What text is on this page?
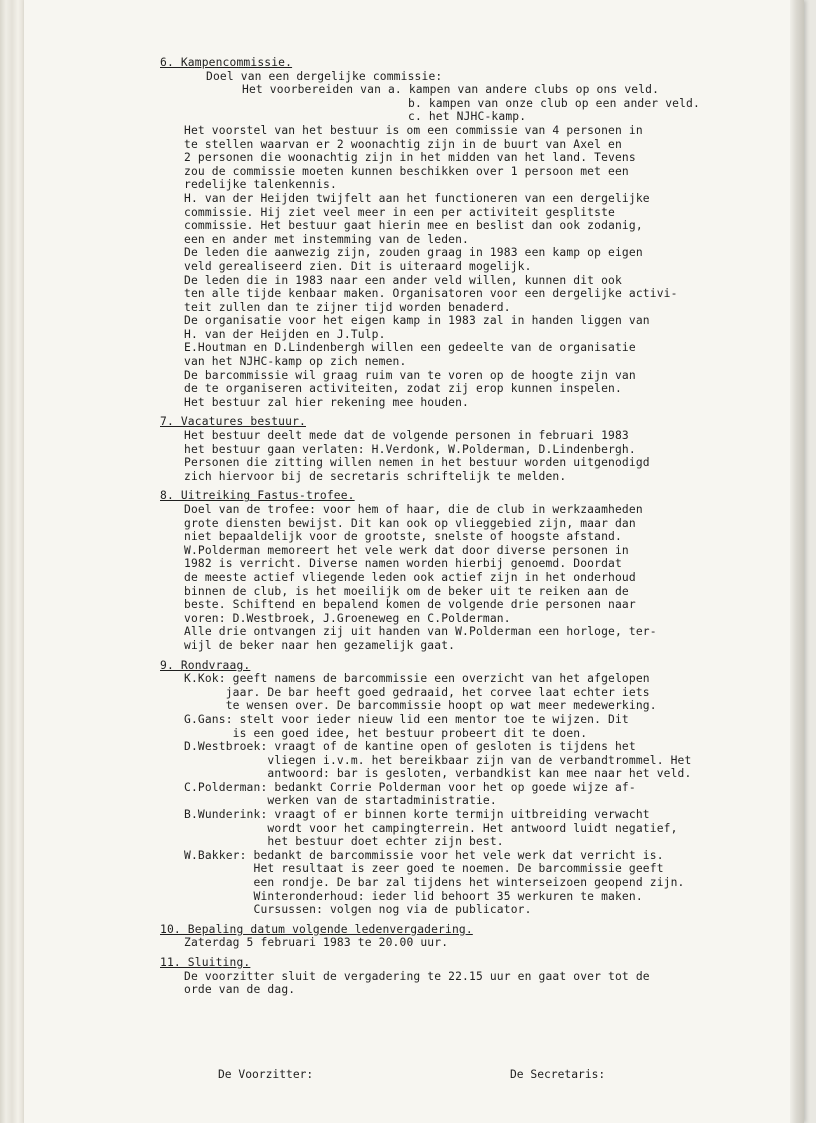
6. Kampencommissie.
Doel van een dergelijke commissie:
Het voorbereiden van a. kampen van andere clubs op ons veld.
b. kampen van onze club op een ander veld.
c. het NJHC-kamp.
Het voorstel van het bestuur is om een commissie van 4 personen in
te stellen waarvan er 2 woonachtig zijn in de buurt van Axel en
2 personen die woonachtig zijn in het midden van het land. Tevens
zou de commissie moeten kunnen beschikken over 1 persoon met een
redelijke talenkennis.
H. van der Heijden twijfelt aan het functioneren van een dergelijke
commissie. Hij ziet veel meer in een per activiteit gesplitste
commissie. Het bestuur gaat hierin mee en beslist dan ook zodanig,
een en ander met instemming van de leden.
De leden die aanwezig zijn, zouden graag in 1983 een kamp op eigen
veld gerealiseerd zien. Dit is uiteraard mogelijk.
De leden die in 1983 naar een ander veld willen, kunnen dit ook
ten alle tijde kenbaar maken. Organisatoren voor een dergelijke activi-
teit zullen dan te zijner tijd worden benaderd.
De organisatie voor het eigen kamp in 1983 zal in handen liggen van
H. van der Heijden en J.Tulp.
E.Houtman en D.Lindenbergh willen een gedeelte van de organisatie
van het NJHC-kamp op zich nemen.
De barcommissie wil graag ruim van te voren op de hoogte zijn van
de te organiseren activiteiten, zodat zij erop kunnen inspelen.
Het bestuur zal hier rekening mee houden.
7. Vacatures bestuur.
Het bestuur deelt mede dat de volgende personen in februari 1983
het bestuur gaan verlaten: H.Verdonk, W.Polderman, D.Lindenbergh.
Personen die zitting willen nemen in het bestuur worden uitgenodigd
zich hiervoor bij de secretaris schriftelijk te melden.
8. Uitreiking Fastus-trofee.
Doel van de trofee: voor hem of haar, die de club in werkzaamheden
grote diensten bewijst. Dit kan ook op vlieggebied zijn, maar dan
niet bepaaldelijk voor de grootste, snelste of hoogste afstand.
W.Polderman memoreert het vele werk dat door diverse personen in
1982 is verricht. Diverse namen worden hierbij genoemd. Doordat
de meeste actief vliegende leden ook actief zijn in het onderhoud
binnen de club, is het moeilijk om de beker uit te reiken aan de
beste. Schiftend en bepalend komen de volgende drie personen naar
voren: D.Westbroek, J.Groeneweg en C.Polderman.
Alle drie ontvangen zij uit handen van W.Polderman een horloge, ter-
wijl de beker naar hen gezamelijk gaat.
9. Rondvraag.
K.Kok: geeft namens de barcommissie een overzicht van het afgelopen
jaar. De bar heeft goed gedraaid, het corvee laat echter iets
te wensen over. De barcommissie hoopt op wat meer medewerking.
G.Gans: stelt voor ieder nieuw lid een mentor toe te wijzen. Dit
is een goed idee, het bestuur probeert dit te doen.
D.Westbroek: vraagt of de kantine open of gesloten is tijdens het
vliegen i.v.m. het bereikbaar zijn van de verbandtrommel. Het
antwoord: bar is gesloten, verbandkist kan mee naar het veld.
C.Polderman: bedankt Corrie Polderman voor het op goede wijze af-
werken van de startadministratie.
B.Wunderink: vraagt of er binnen korte termijn uitbreiding verwacht
wordt voor het campingterrein. Het antwoord luidt negatief,
het bestuur doet echter zijn best.
W.Bakker: bedankt de barcommissie voor het vele werk dat verricht is.
Het resultaat is zeer goed te noemen. De barcommissie geeft
een rondje. De bar zal tijdens het winterseizoen geopend zijn.
Winteronderhoud: ieder lid behoort 35 werkuren te maken.
Cursussen: volgen nog via de publicator.
10. Bepaling datum volgende ledenvergadering.
Zaterdag 5 februari 1983 te 20.00 uur.
11. Sluiting.
De voorzitter sluit de vergadering te 22.15 uur en gaat over tot de
orde van de dag.
De Voorzitter:	De Secretaris:
